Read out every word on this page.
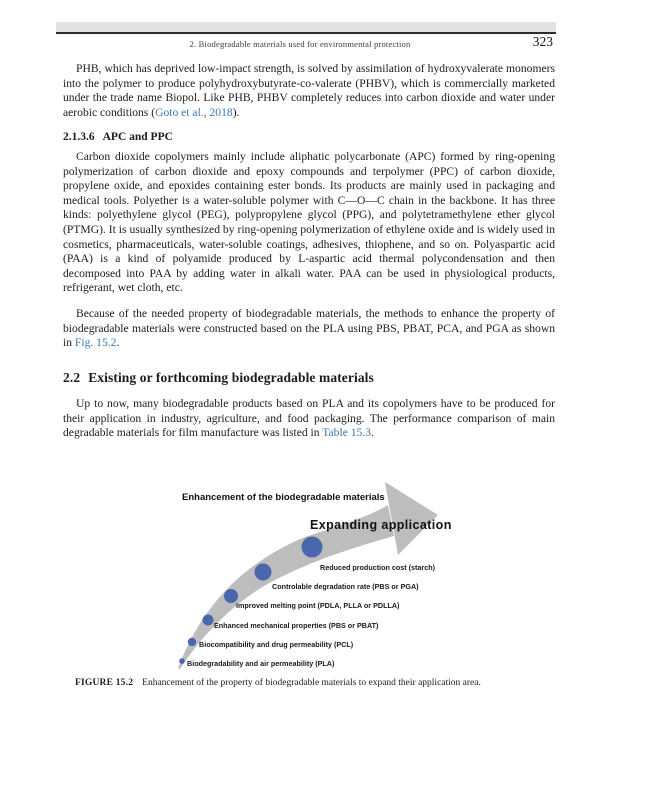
2. Biodegradable materials used for environmental protection	323

PHB, which has deprived low-impact strength, is solved by assimilation of hydroxyvalerate monomers into the polymer to produce polyhydroxybutyrate-co-valerate (PHBV), which is commercially marketed under the trade name Biopol. Like PHB, PHBV completely reduces into carbon dioxide and water under aerobic conditions (Goto et al., 2018).

2.1.3.6 APC and PPC

Carbon dioxide copolymers mainly include aliphatic polycarbonate (APC) formed by ring-opening polymerization of carbon dioxide and epoxy compounds and terpolymer (PPC) of carbon dioxide, propylene oxide, and epoxides containing ester bonds. Its products are mainly used in packaging and medical tools. Polyether is a water-soluble polymer with C—O—C chain in the backbone. It has three kinds: polyethylene glycol (PEG), polypropylene glycol (PPG), and polytetramethylene ether glycol (PTMG). It is usually synthesized by ring-opening polymerization of ethylene oxide and is widely used in cosmetics, pharmaceuticals, water-soluble coatings, adhesives, thiophene, and so on. Polyaspartic acid (PAA) is a kind of polyamide produced by L-aspartic acid thermal polycondensation and then decomposed into PAA by adding water in alkali water. PAA can be used in physiological products, refrigerant, wet cloth, etc.

Because of the needed property of biodegradable materials, the methods to enhance the property of biodegradable materials were constructed based on the PLA using PBS, PBAT, PCA, and PGA as shown in Fig. 15.2.

2.2 Existing or forthcoming biodegradable materials

Up to now, many biodegradable products based on PLA and its copolymers have to be produced for their application in industry, agriculture, and food packaging. The performance comparison of main degradable materials for film manufacture was listed in Table 15.3.

Biodegradability and air permeability (PLA)
Biocompatibility and drug permeability (PCL)
Enhanced mechanical properties (PBS or PBAT)
Improved melting point (PDLA, PLLA or PDLLA)
Controlable degradation rate (PBS or PGA)
Reduced production cost (starch)
Enhancement of the biodegradable materials
Expanding application
FIGURE 15.2 Enhancement of the property of biodegradable materials to expand their application area.
